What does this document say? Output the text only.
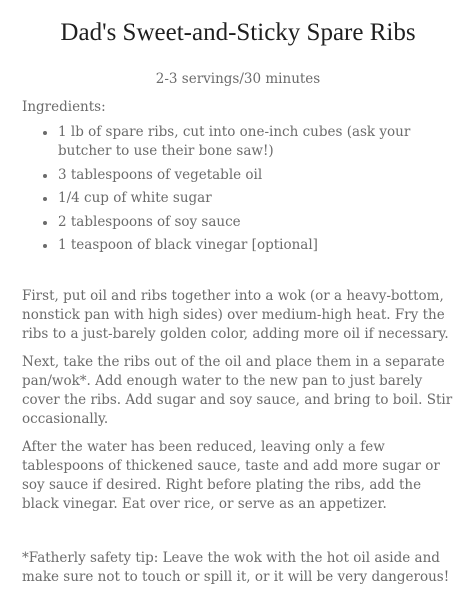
Dad's Sweet-and-Sticky Spare Ribs
2-3 servings/30 minutes
Ingredients:
1 lb of spare ribs, cut into one-inch cubes (ask your butcher to use their bone saw!)
3 tablespoons of vegetable oil
1/4 cup of white sugar
2 tablespoons of soy sauce
1 teaspoon of black vinegar [optional]

First, put oil and ribs together into a wok (or a heavy-bottom, nonstick pan with high sides) over medium-high heat. Fry the ribs to a just-barely golden color, adding more oil if necessary.

Next, take the ribs out of the oil and place them in a separate pan/wok*. Add enough water to the new pan to just barely cover the ribs. Add sugar and soy sauce, and bring to boil. Stir occasionally.

After the water has been reduced, leaving only a few tablespoons of thickened sauce, taste and add more sugar or soy sauce if desired. Right before plating the ribs, add the black vinegar. Eat over rice, or serve as an appetizer.

*Fatherly safety tip: Leave the wok with the hot oil aside and make sure not to touch or spill it, or it will be very dangerous!
